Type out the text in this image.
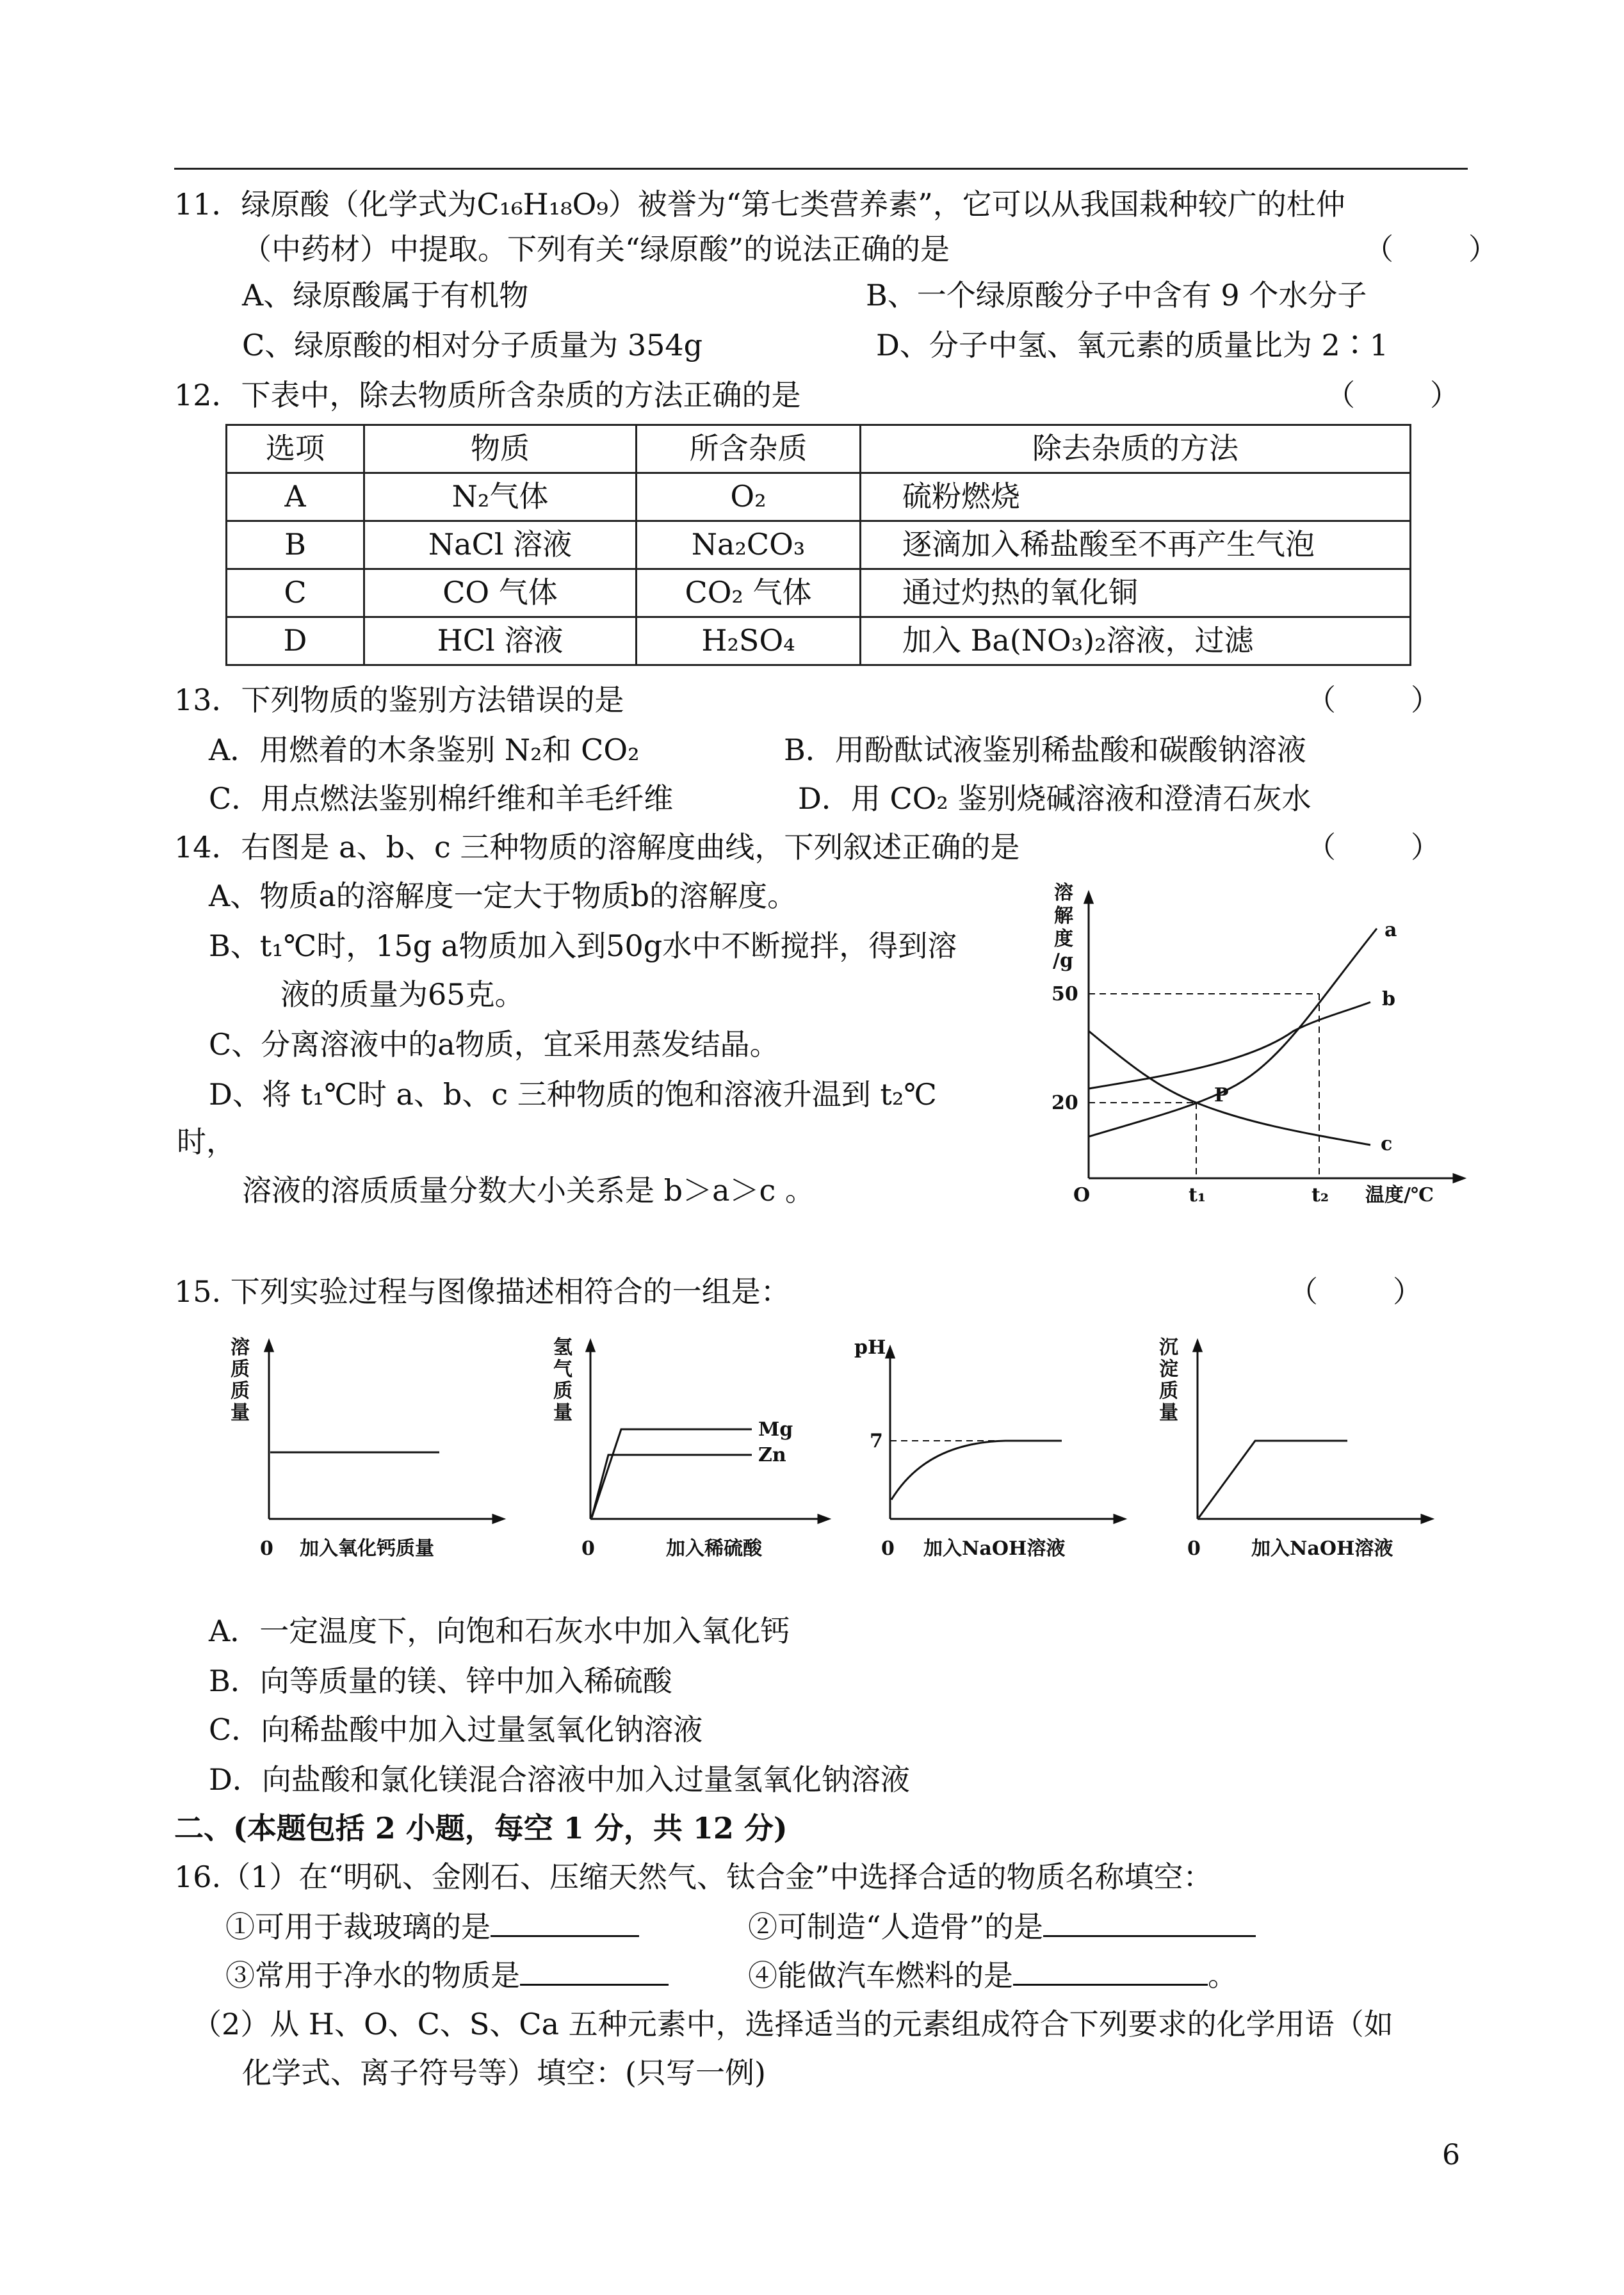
11．绿原酸（化学式为C₁₆H₁₈O₉）被誉为“第七类营养素”，它可以从我国栽种较广的杜仲
（中药材）中提取。下列有关“绿原酸”的说法正确的是	（        ）
A、绿原酸属于有机物	B、一个绿原酸分子中含有 9 个水分子
C、绿原酸的相对分子质量为 354g	D、分子中氢、氧元素的质量比为 2∶1
12．下表中，除去物质所含杂质的方法正确的是	（        ）
选项	物质	所含杂质	除去杂质的方法
A	N₂气体	O₂	硫粉燃烧
B	NaCl 溶液	Na₂CO₃	逐滴加入稀盐酸至不再产生气泡
C	CO 气体	CO₂ 气体	通过灼热的氧化铜
D	HCl 溶液	H₂SO₄	加入 Ba(NO₃)₂溶液，过滤
13．下列物质的鉴别方法错误的是	（        ）
A．用燃着的木条鉴别 N₂和 CO₂	B．用酚酞试液鉴别稀盐酸和碳酸钠溶液
C．用点燃法鉴别棉纤维和羊毛纤维	D．用 CO₂ 鉴别烧碱溶液和澄清石灰水
14．右图是 a、b、c 三种物质的溶解度曲线，下列叙述正确的是	（        ）
A、物质a的溶解度一定大于物质b的溶解度。
B、t₁℃时，15g a物质加入到50g水中不断搅拌，得到溶
液的质量为65克。
C、分离溶液中的a物质，宜采用蒸发结晶。
D、将 t₁℃时 a、b、c 三种物质的饱和溶液升温到 t₂℃
时，
溶液的溶质质量分数大小关系是 b＞a＞c 。
溶
解
度
/g
50
20
O	t₁	t₂ 温度/℃
a
b
c
P
15. 下列实验过程与图像描述相符合的一组是：	（        ）
溶
质
质
量
0 加入氧化钙质量
氢
气
质
量
Mg
Zn
0	加入稀硫酸
pH
7
0 加入NaOH溶液
沉
淀
质
量
0	加入NaOH溶液
A．一定温度下，向饱和石灰水中加入氧化钙
B．向等质量的镁、锌中加入稀硫酸
C．向稀盐酸中加入过量氢氧化钠溶液
D．向盐酸和氯化镁混合溶液中加入过量氢氧化钠溶液
二、(本题包括 2 小题，每空 1 分，共 12 分)
16.（1）在“明矾、金刚石、压缩天然气、钛合金”中选择合适的物质名称填空：
①可用于裁玻璃的是	②可制造“人造骨”的是
③常用于净水的物质是	④能做汽车燃料的是	。
（2）从 H、O、C、S、Ca 五种元素中，选择适当的元素组成符合下列要求的化学用语（如
化学式、离子符号等）填空：(只写一例)
6
